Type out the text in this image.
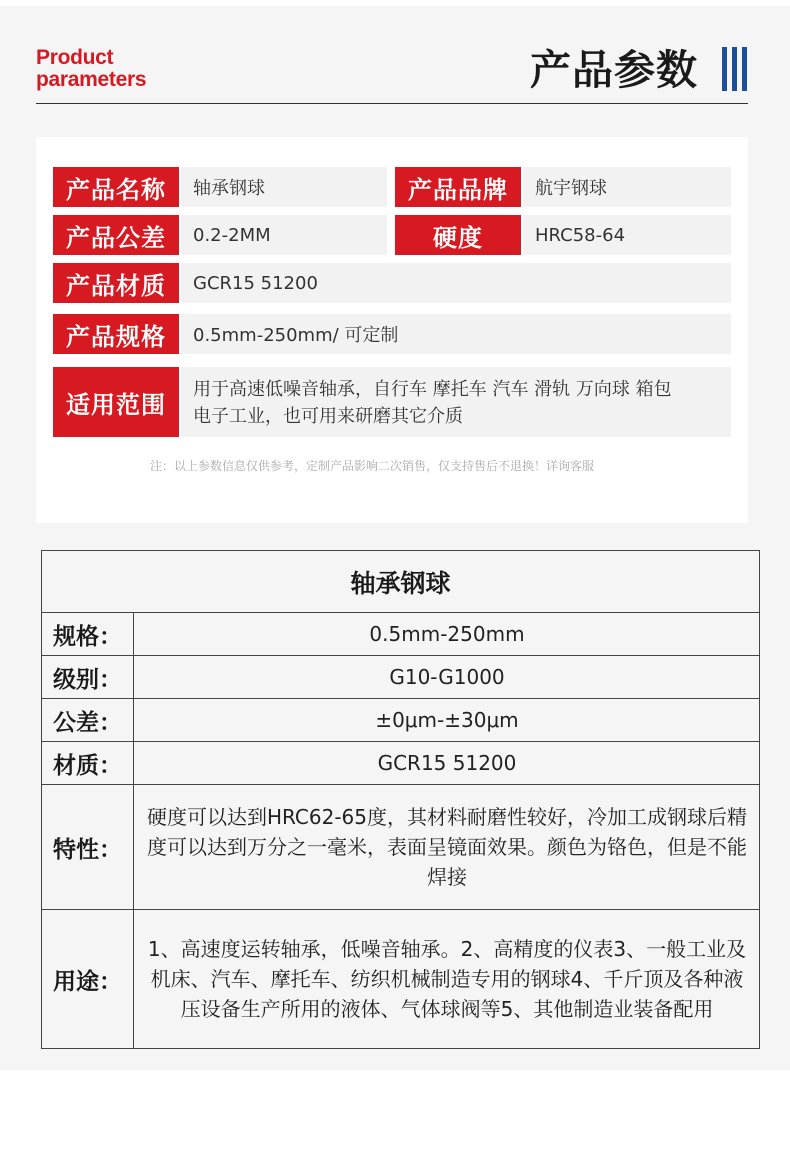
Product
parameters	产品参数
产品名称	轴承钢球	产品品牌	航宇钢球
产品公差	0.2-2MM	硬度	HRC58-64
产品材质	GCR15 51200
产品规格	0.5mm-250mm/ 可定制
适用范围
用于高速低噪音轴承，自行车 摩托车 汽车 滑轨 万向球 箱包
电子工业，也可用来研磨其它介质
注：以上参数信息仅供参考，定制产品影响二次销售，仅支持售后不退换！详询客服
轴承钢球
规格：	0.5mm-250mm
级别：	G10-G1000
公差：	±0μm-±30μm
材质：	GCR15 51200
特性：
硬度可以达到HRC62-65度，其材料耐磨性较好，冷加工成钢球后精度可以达到万分之一毫米，表面呈镜面效果。颜色为铬色，但是不能焊接
用途：
1、高速度运转轴承，低噪音轴承。2、高精度的仪表3、一般工业及机床、汽车、摩托车、纺织机械制造专用的钢球4、千斤顶及各种液压设备生产所用的液体、气体球阀等5、其他制造业装备配用
